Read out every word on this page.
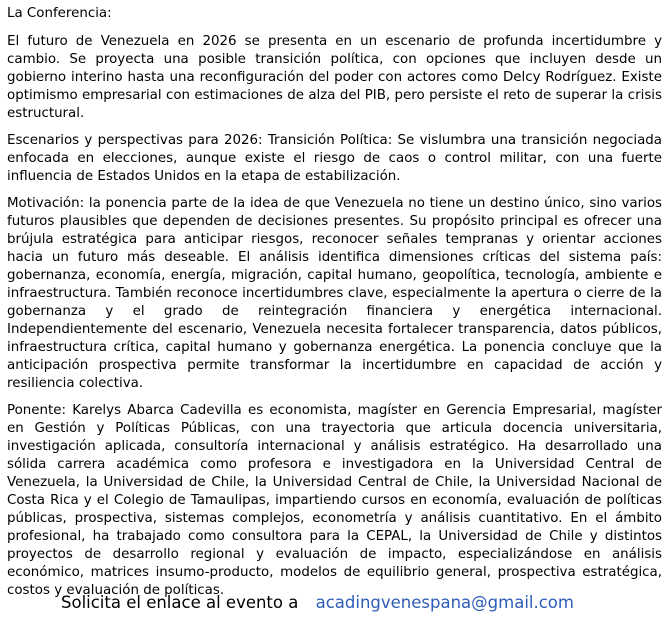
La Conferencia:

El futuro de Venezuela en 2026 se presenta en un escenario de profunda incertidumbre y cambio. Se proyecta una posible transición política, con opciones que incluyen desde un gobierno interino hasta una reconfiguración del poder con actores como Delcy Rodríguez. Existe optimismo empresarial con estimaciones de alza del PIB, pero persiste el reto de superar la crisis estructural.

Escenarios y perspectivas para 2026: Transición Política: Se vislumbra una transición negociada enfocada en elecciones, aunque existe el riesgo de caos o control militar, con una fuerte influencia de Estados Unidos en la etapa de estabilización.

Motivación: la ponencia parte de la idea de que Venezuela no tiene un destino único, sino varios futuros plausibles que dependen de decisiones presentes. Su propósito principal es ofrecer una brújula estratégica para anticipar riesgos, reconocer señales tempranas y orientar acciones hacia un futuro más deseable. El análisis identifica dimensiones críticas del sistema país: gobernanza, economía, energía, migración, capital humano, geopolítica, tecnología, ambiente e infraestructura. También reconoce incertidumbres clave, especialmente la apertura o cierre de la gobernanza y el grado de reintegración financiera y energética internacional. Independientemente del escenario, Venezuela necesita fortalecer transparencia, datos públicos, infraestructura crítica, capital humano y gobernanza energética. La ponencia concluye que la anticipación prospectiva permite transformar la incertidumbre en capacidad de acción y resiliencia colectiva.

Ponente: Karelys Abarca Cadevilla es economista, magíster en Gerencia Empresarial, magíster en Gestión y Políticas Públicas, con una trayectoria que articula docencia universitaria, investigación aplicada, consultoría internacional y análisis estratégico. Ha desarrollado una sólida carrera académica como profesora e investigadora en la Universidad Central de Venezuela, la Universidad de Chile, la Universidad Central de Chile, la Universidad Nacional de Costa Rica y el Colegio de Tamaulipas, impartiendo cursos en economía, evaluación de políticas públicas, prospectiva, sistemas complejos, econometría y análisis cuantitativo. En el ámbito profesional, ha trabajado como consultora para la CEPAL, la Universidad de Chile y distintos proyectos de desarrollo regional y evaluación de impacto, especializándose en análisis económico, matrices insumo-producto, modelos de equilibrio general, prospectiva estratégica, costos y evaluación de políticas.

Solicita el enlace al evento a acadingvenespana@gmail.com
